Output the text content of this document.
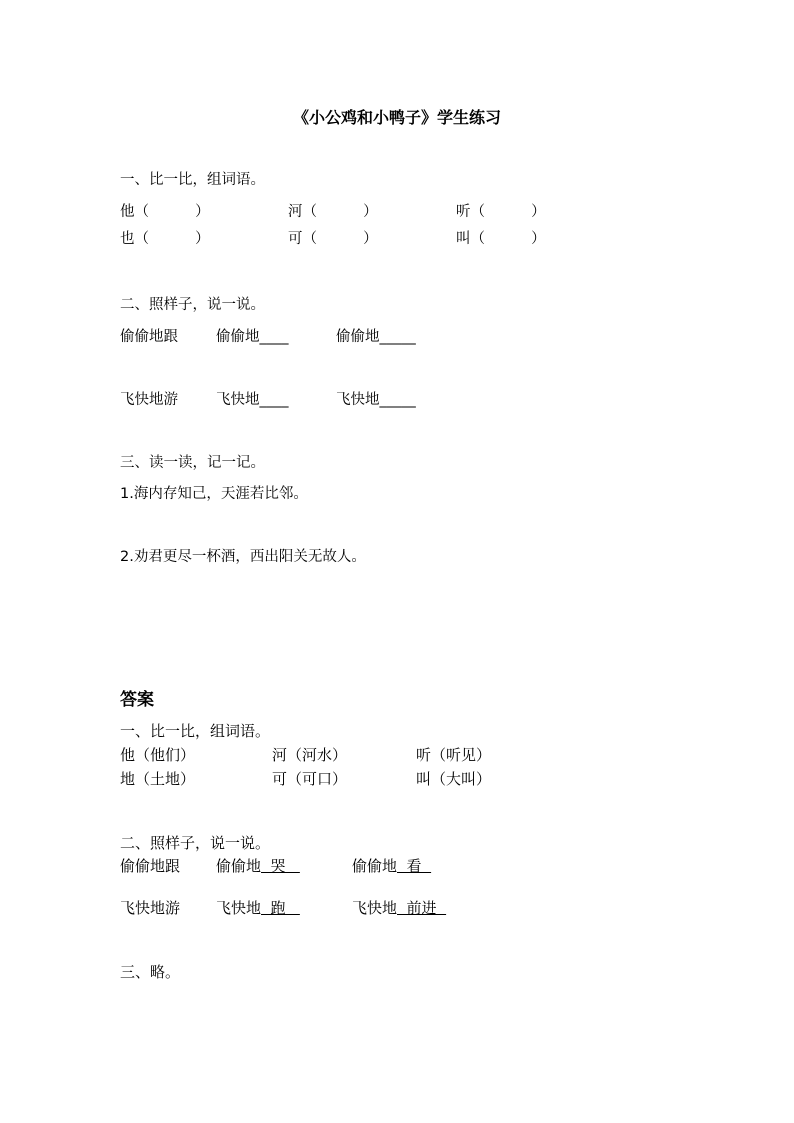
《小公鸡和小鸭子》学生练习
一、比一比，组词语。
他（          ）	河（          ）	听（          ）
也（          ）	可（          ）	叫（          ）
二、照样子，说一说。
偷偷地跟	偷偷地____	偷偷地_____
飞快地游	飞快地____	飞快地_____
三、读一读，记一记。
1.海内存知己，天涯若比邻。
2.劝君更尽一杯酒，西出阳关无故人。
答案
一、比一比，组词语。
他（他们）	河（河水）	听（听见）
地（土地）	可（可口）	叫（大叫）
二、照样子，说一说。
偷偷地跟 偷偷地  哭	偷偷地  看
飞快地游 飞快地  跑	飞快地  前进
三、略。
